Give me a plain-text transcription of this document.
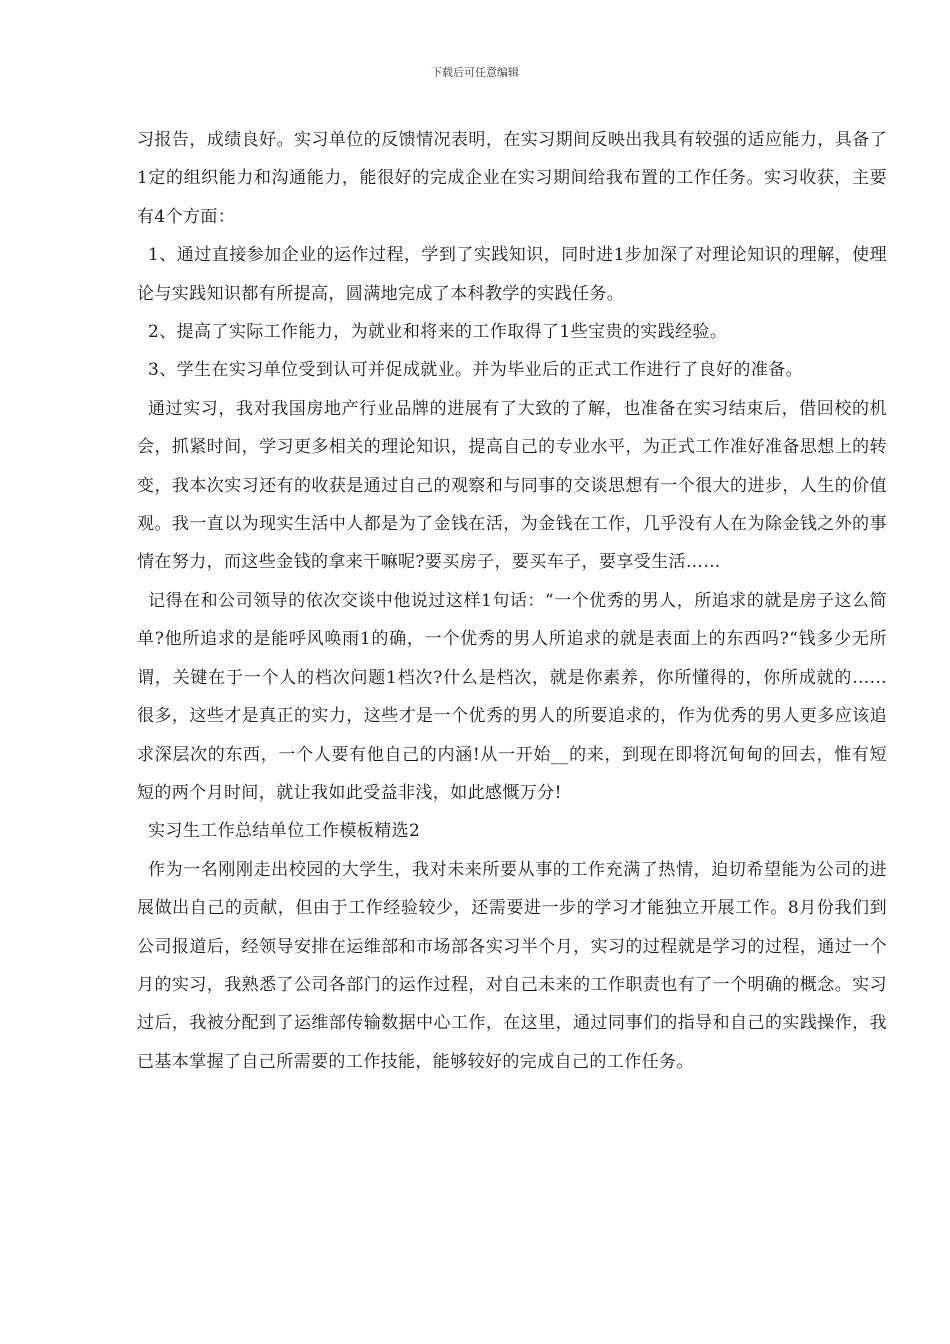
下载后可任意编辑

习报告，成绩良好。实习单位的反馈情况表明，在实习期间反映出我具有较强的适应能力，具备了1定的组织能力和沟通能力，能很好的完成企业在实习期间给我布置的工作任务。实习收获，主要有4个方面：

1、通过直接参加企业的运作过程，学到了实践知识，同时进1步加深了对理论知识的理解，使理论与实践知识都有所提高，圆满地完成了本科教学的实践任务。

2、提高了实际工作能力，为就业和将来的工作取得了1些宝贵的实践经验。

3、学生在实习单位受到认可并促成就业。并为毕业后的正式工作进行了良好的准备。

通过实习，我对我国房地产行业品牌的进展有了大致的了解，也准备在实习结束后，借回校的机会，抓紧时间，学习更多相关的理论知识，提高自己的专业水平，为正式工作准好准备思想上的转变，我本次实习还有的收获是通过自己的观察和与同事的交谈思想有一个很大的进步，人生的价值观。我一直以为现实生活中人都是为了金钱在活，为金钱在工作，几乎没有人在为除金钱之外的事情在努力，而这些金钱的拿来干嘛呢?要买房子，要买车子，要享受生活……

记得在和公司领导的依次交谈中他说过这样1句话：“一个优秀的男人，所追求的就是房子这么简单?他所追求的是能呼风唤雨1的确，一个优秀的男人所追求的就是表面上的东西吗?“钱多少无所谓，关键在于一个人的档次问题1档次?什么是档次，就是你素养，你所懂得的，你所成就的……很多，这些才是真正的实力，这些才是一个优秀的男人的所要追求的，作为优秀的男人更多应该追求深层次的东西，一个人要有他自己的内涵!从一开始__的来，到现在即将沉甸甸的回去，惟有短短的两个月时间，就让我如此受益非浅，如此感慨万分!

实习生工作总结单位工作模板精选2

作为一名刚刚走出校园的大学生，我对未来所要从事的工作充满了热情，迫切希望能为公司的进展做出自己的贡献，但由于工作经验较少，还需要进一步的学习才能独立开展工作。8月份我们到公司报道后，经领导安排在运维部和市场部各实习半个月，实习的过程就是学习的过程，通过一个月的实习，我熟悉了公司各部门的运作过程，对自己未来的工作职责也有了一个明确的概念。实习过后，我被分配到了运维部传输数据中心工作，在这里，通过同事们的指导和自己的实践操作，我已基本掌握了自己所需要的工作技能，能够较好的完成自己的工作任务。
